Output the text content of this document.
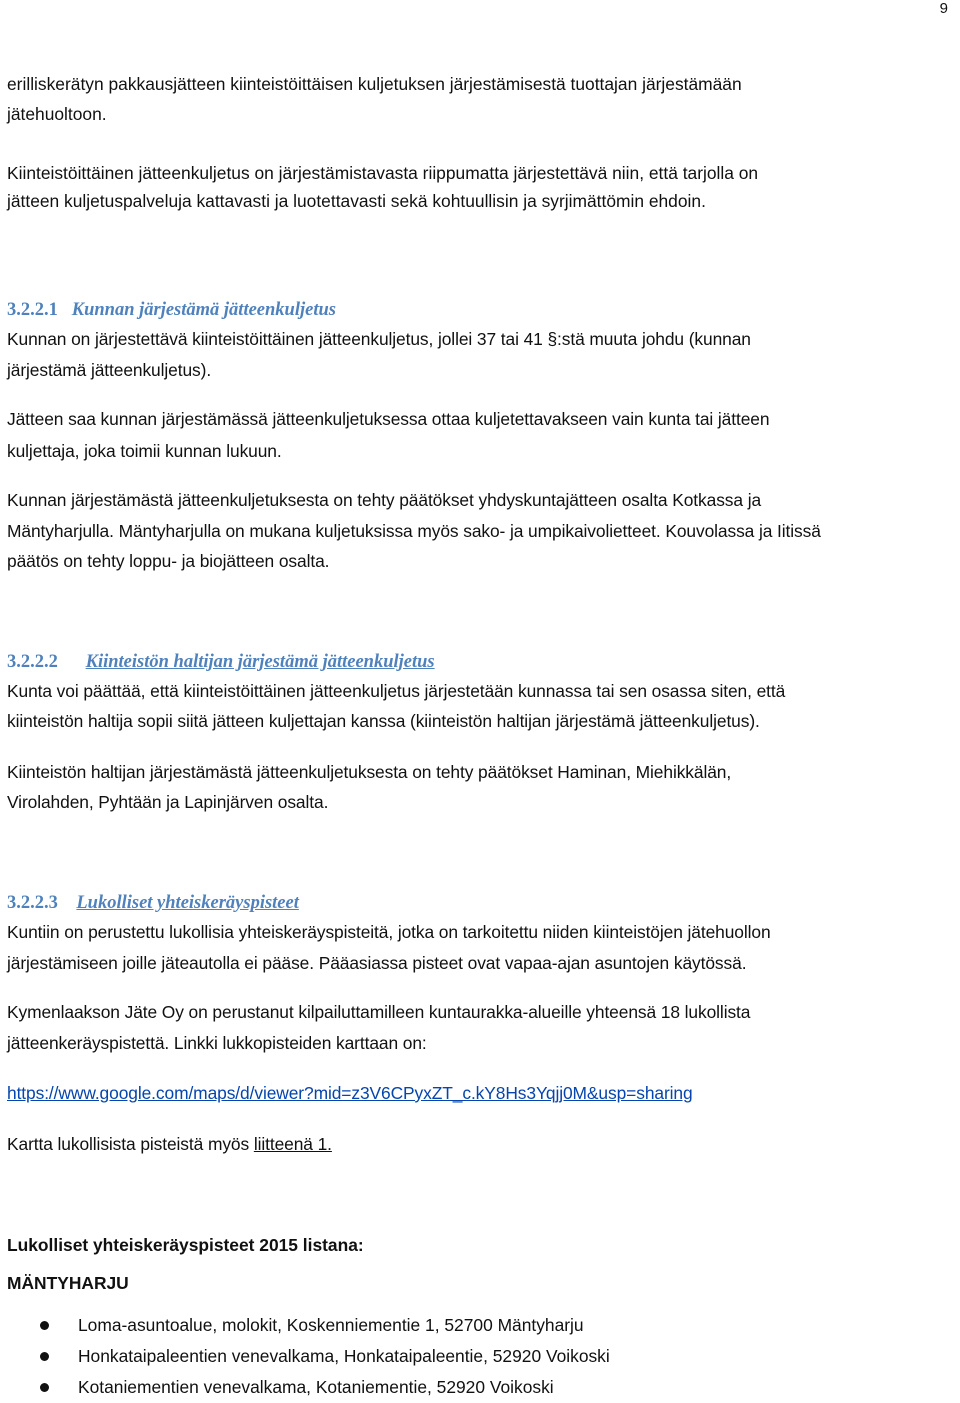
9

erilliskerätyn pakkausjätteen kiinteistöittäisen kuljetuksen järjestämisestä tuottajan järjestämään

jätehuoltoon.

Kiinteistöittäinen jätteenkuljetus on järjestämistavasta riippumatta järjestettävä niin, että tarjolla on

jätteen kuljetuspalveluja kattavasti ja luotettavasti sekä kohtuullisin ja syrjimättömin ehdoin.

3.2.2.1 Kunnan järjestämä jätteenkuljetus

Kunnan on järjestettävä kiinteistöittäinen jätteenkuljetus, jollei 37 tai 41 §:stä muuta johdu (kunnan

järjestämä jätteenkuljetus).

Jätteen saa kunnan järjestämässä jätteenkuljetuksessa ottaa kuljetettavakseen vain kunta tai jätteen

kuljettaja, joka toimii kunnan lukuun.

Kunnan järjestämästä jätteenkuljetuksesta on tehty päätökset yhdyskuntajätteen osalta Kotkassa ja

Mäntyharjulla. Mäntyharjulla on mukana kuljetuksissa myös sako- ja umpikaivolietteet. Kouvolassa ja Iitissä

päätös on tehty loppu- ja biojätteen osalta.

3.2.2.2 Kiinteistön haltijan järjestämä jätteenkuljetus

Kunta voi päättää, että kiinteistöittäinen jätteenkuljetus järjestetään kunnassa tai sen osassa siten, että

kiinteistön haltija sopii siitä jätteen kuljettajan kanssa (kiinteistön haltijan järjestämä jätteenkuljetus).

Kiinteistön haltijan järjestämästä jätteenkuljetuksesta on tehty päätökset Haminan, Miehikkälän,

Virolahden, Pyhtään ja Lapinjärven osalta.

3.2.2.3 Lukolliset yhteiskeräyspisteet

Kuntiin on perustettu lukollisia yhteiskeräyspisteitä, jotka on tarkoitettu niiden kiinteistöjen jätehuollon

järjestämiseen joille jäteautolla ei pääse. Pääasiassa pisteet ovat vapaa-ajan asuntojen käytössä.

Kymenlaakson Jäte Oy on perustanut kilpailuttamilleen kuntaurakka-alueille yhteensä 18 lukollista

jätteenkeräyspistettä. Linkki lukkopisteiden karttaan on:

https://www.google.com/maps/d/viewer?mid=z3V6CPyxZT_c.kY8Hs3Yqjj0M&usp=sharing

Kartta lukollisista pisteistä myös liitteenä 1.

Lukolliset yhteiskeräyspisteet 2015 listana:

MÄNTYHARJU

Loma-asuntoalue, molokit, Koskenniementie 1, 52700 Mäntyharju
Honkataipaleentien venevalkama, Honkataipaleentie, 52920 Voikoski
Kotaniementien venevalkama, Kotaniementie, 52920 Voikoski
